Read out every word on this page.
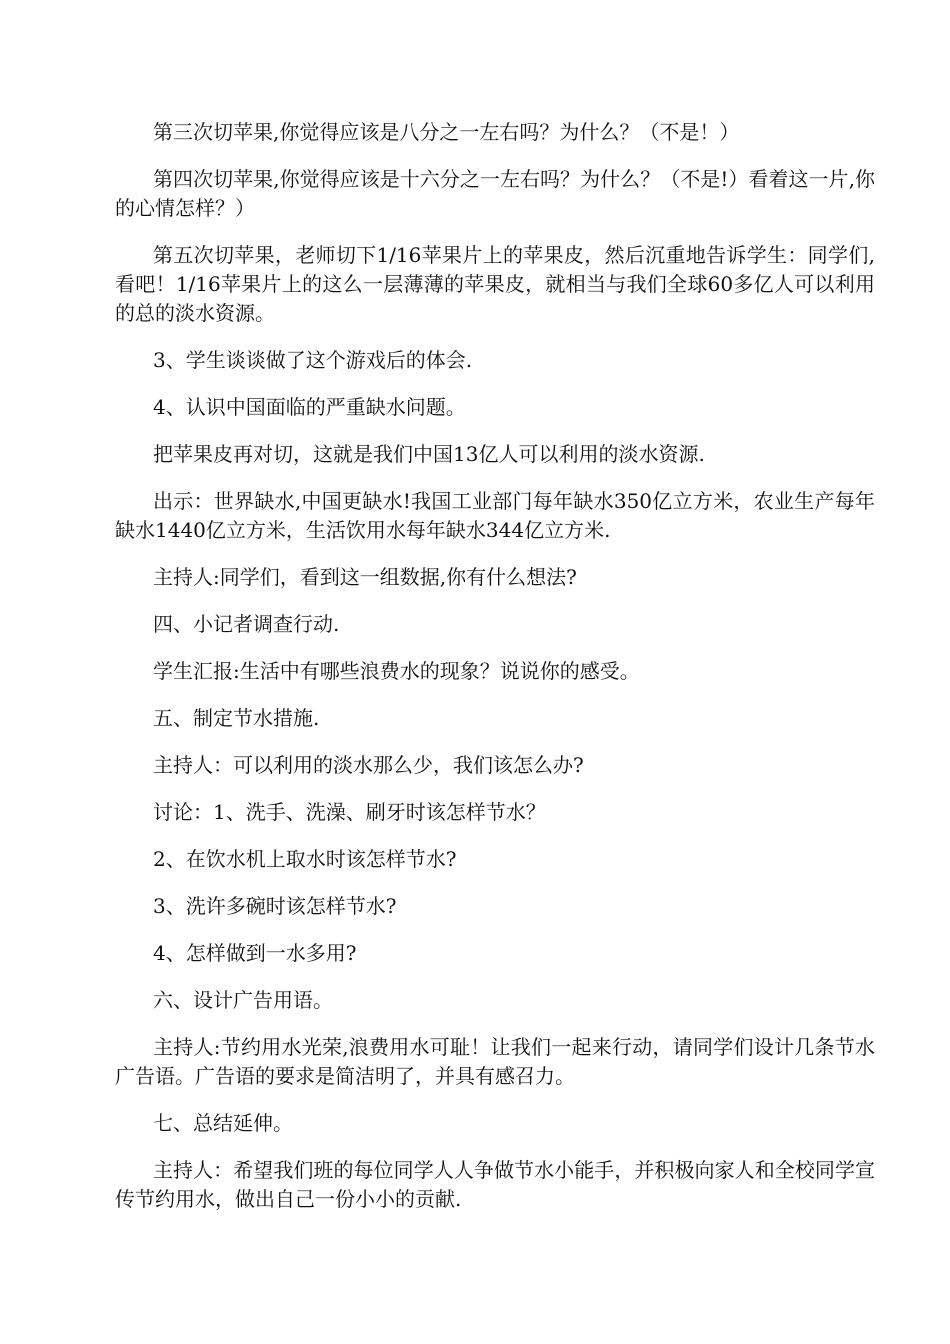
第三次切苹果,你觉得应该是八分之一左右吗？为什么？（不是！）

第四次切苹果,你觉得应该是十六分之一左右吗？为什么？（不是!）看着这一片,你的心情怎样？）

第五次切苹果，老师切下1/16苹果片上的苹果皮，然后沉重地告诉学生：同学们,看吧！1/16苹果片上的这么一层薄薄的苹果皮，就相当与我们全球60多亿人可以利用的总的淡水资源。

3、学生谈谈做了这个游戏后的体会.

4、认识中国面临的严重缺水问题。

把苹果皮再对切，这就是我们中国13亿人可以利用的淡水资源.

出示：世界缺水,中国更缺水!我国工业部门每年缺水350亿立方米，农业生产每年缺水1440亿立方米，生活饮用水每年缺水344亿立方米.

主持人:同学们，看到这一组数据,你有什么想法?

四、小记者调查行动.

学生汇报:生活中有哪些浪费水的现象？说说你的感受。

五、制定节水措施.

主持人：可以利用的淡水那么少，我们该怎么办?

讨论：1、洗手、洗澡、刷牙时该怎样节水？

2、在饮水机上取水时该怎样节水?

3、洗许多碗时该怎样节水?

4、怎样做到一水多用?

六、设计广告用语。

主持人:节约用水光荣,浪费用水可耻！让我们一起来行动，请同学们设计几条节水广告语。广告语的要求是简洁明了，并具有感召力。

七、总结延伸。

主持人：希望我们班的每位同学人人争做节水小能手，并积极向家人和全校同学宣传节约用水，做出自己一份小小的贡献.
